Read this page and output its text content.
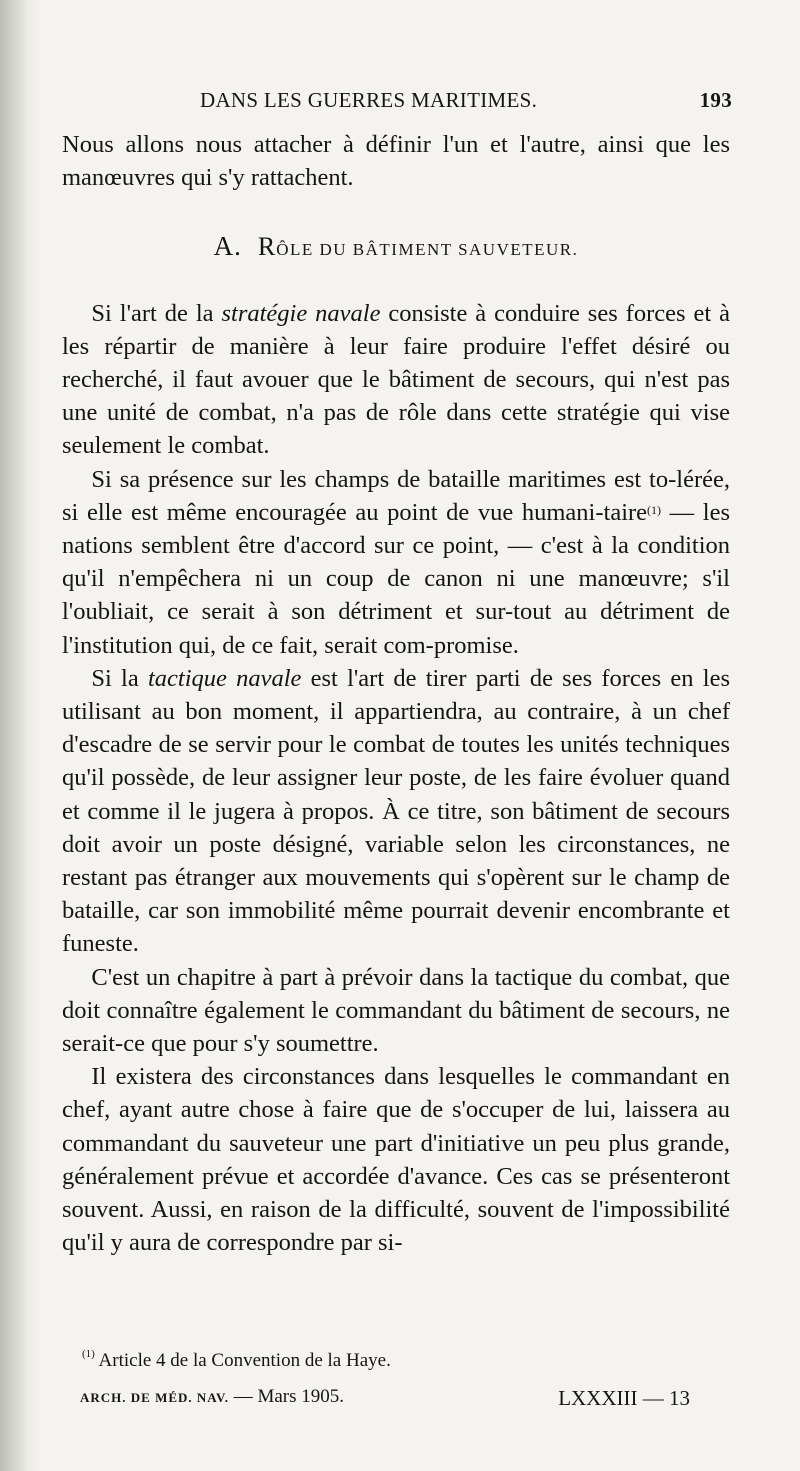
DANS LES GUERRES MARITIMES.	193

Nous allons nous attacher à définir l'un et l'autre, ainsi que les manœuvres qui s'y rattachent.

A. RÔLE DU BÂTIMENT SAUVETEUR.

Si l'art de la stratégie navale consiste à conduire ses forces et à les répartir de manière à leur faire produire l'effet désiré ou recherché, il faut avouer que le bâtiment de secours, qui n'est pas une unité de combat, n'a pas de rôle dans cette stratégie qui vise seulement le combat.

Si sa présence sur les champs de bataille maritimes est to-lérée, si elle est même encouragée au point de vue humani-taire$^{(1)}$ — les nations semblent être d'accord sur ce point, — c'est à la condition qu'il n'empêchera ni un coup de canon ni une manœuvre; s'il l'oubliait, ce serait à son détriment et sur-tout au détriment de l'institution qui, de ce fait, serait com-promise.

Si la tactique navale est l'art de tirer parti de ses forces en les utilisant au bon moment, il appartiendra, au contraire, à un chef d'escadre de se servir pour le combat de toutes les unités techniques qu'il possède, de leur assigner leur poste, de les faire évoluer quand et comme il le jugera à propos. À ce titre, son bâtiment de secours doit avoir un poste désigné, variable selon les circonstances, ne restant pas étranger aux mouvements qui s'opèrent sur le champ de bataille, car son immobilité même pourrait devenir encombrante et funeste.

C'est un chapitre à part à prévoir dans la tactique du combat, que doit connaître également le commandant du bâtiment de secours, ne serait-ce que pour s'y soumettre.

Il existera des circonstances dans lesquelles le commandant en chef, ayant autre chose à faire que de s'occuper de lui, laissera au commandant du sauveteur une part d'initiative un peu plus grande, généralement prévue et accordée d'avance. Ces cas se présenteront souvent. Aussi, en raison de la difficulté, souvent de l'impossibilité qu'il y aura de correspondre par si-

$^{(1)}$ Article 4 de la Convention de la Haye.
ARCH. DE MÉD. NAV. — Mars 1905.	LXXXIII — 13
